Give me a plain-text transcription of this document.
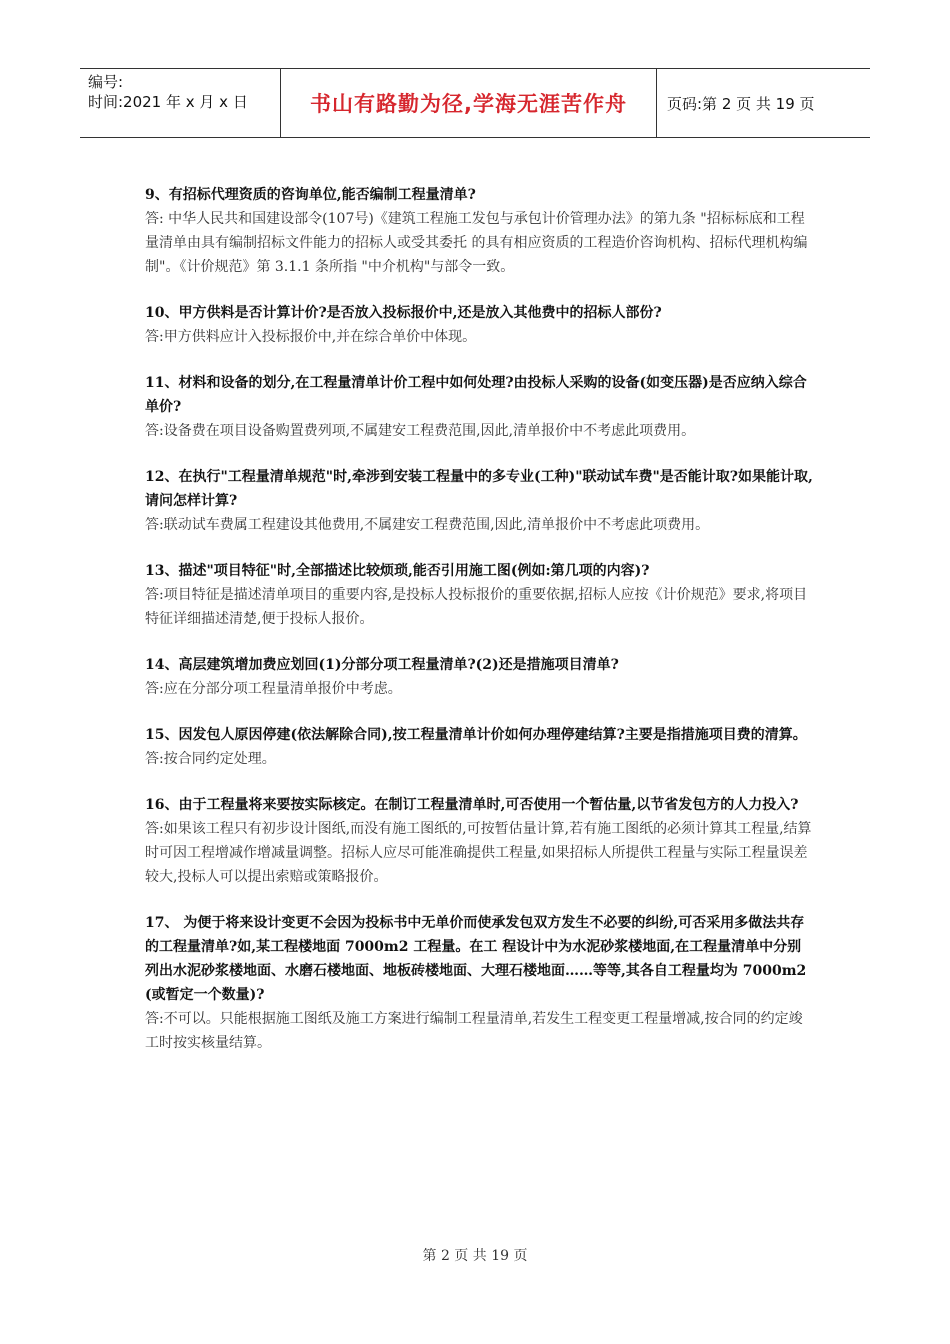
编号:
时间:2021 年 x 月 x 日	书山有路勤为径,学海无涯苦作舟	页码:第 2 页 共 19 页
9、有招标代理资质的咨询单位,能否编制工程量清单?
答: 中华人民共和国建设部令(107号)《建筑工程施工发包与承包计价管理办法》的第九条 "招标标底和工程量清单由具有编制招标文件能力的招标人或受其委托 的具有相应资质的工程造价咨询机构、招标代理机构编制"。《计价规范》第 3.1.1 条所指 "中介机构"与部令一致。
10、甲方供料是否计算计价?是否放入投标报价中,还是放入其他费中的招标人部份?
答:甲方供料应计入投标报价中,并在综合单价中体现。
11、材料和设备的划分,在工程量清单计价工程中如何处理?由投标人采购的设备(如变压器)是否应纳入综合单价?
答:设备费在项目设备购置费列项,不属建安工程费范围,因此,清单报价中不考虑此项费用。
12、在执行"工程量清单规范"时,牵涉到安装工程量中的多专业(工种)"联动试车费"是否能计取?如果能计取,请问怎样计算?
答:联动试车费属工程建设其他费用,不属建安工程费范围,因此,清单报价中不考虑此项费用。
13、描述"项目特征"时,全部描述比较烦琐,能否引用施工图(例如:第几项的内容)?
答:项目特征是描述清单项目的重要内容,是投标人投标报价的重要依据,招标人应按《计价规范》要求,将项目特征详细描述清楚,便于投标人报价。
14、高层建筑增加费应划回(1)分部分项工程量清单?(2)还是措施项目清单?
答:应在分部分项工程量清单报价中考虑。
15、因发包人原因停建(依法解除合同),按工程量清单计价如何办理停建结算?主要是指措施项目费的清算。
答:按合同约定处理。
16、由于工程量将来要按实际核定。在制订工程量清单时,可否使用一个暂估量,以节省发包方的人力投入?
答:如果该工程只有初步设计图纸,而没有施工图纸的,可按暂估量计算,若有施工图纸的必须计算其工程量,结算时可因工程增减作增减量调整。招标人应尽可能准确提供工程量,如果招标人所提供工程量与实际工程量误差较大,投标人可以提出索赔或策略报价。
17、 为便于将来设计变更不会因为投标书中无单价而使承发包双方发生不必要的纠纷,可否采用多做法共存的工程量清单?如,某工程楼地面 7000m2 工程量。在工 程设计中为水泥砂浆楼地面,在工程量清单中分别列出水泥砂浆楼地面、水磨石楼地面、地板砖楼地面、大理石楼地面……等等,其各自工程量均为 7000m2 (或暂定一个数量)?
答:不可以。只能根据施工图纸及施工方案进行编制工程量清单,若发生工程变更工程量增减,按合同的约定竣工时按实核量结算。
第 2 页 共 19 页
